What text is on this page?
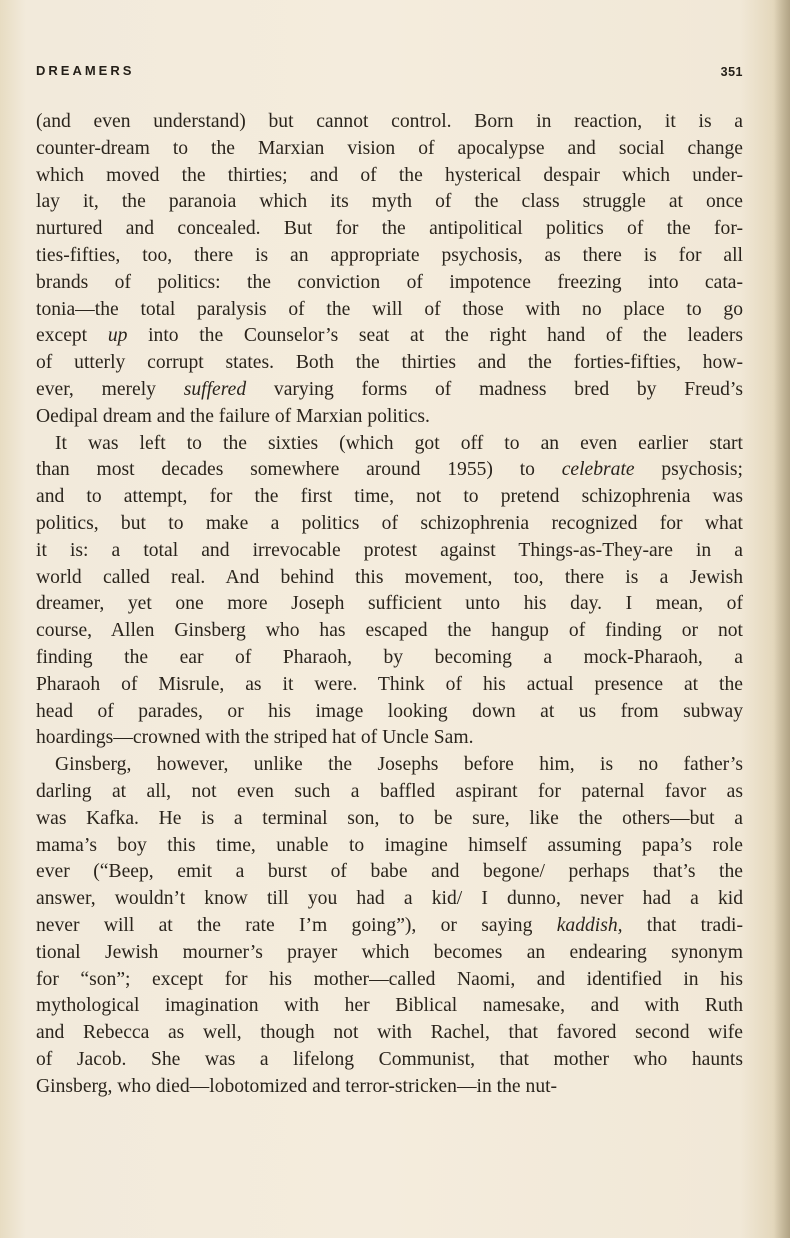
DREAMERS	351
(and even understand) but cannot control. Born in reaction, it is a
counter-dream to the Marxian vision of apocalypse and social change
which moved the thirties; and of the hysterical despair which under-
lay it, the paranoia which its myth of the class struggle at once
nurtured and concealed. But for the antipolitical politics of the for-
ties-fifties, too, there is an appropriate psychosis, as there is for all
brands of politics: the conviction of impotence freezing into cata-
tonia—the total paralysis of the will of those with no place to go
except up into the Counselor’s seat at the right hand of the leaders
of utterly corrupt states. Both the thirties and the forties-fifties, how-
ever, merely suffered varying forms of madness bred by Freud’s
Oedipal dream and the failure of Marxian politics.
It was left to the sixties (which got off to an even earlier start
than most decades somewhere around 1955) to celebrate psychosis;
and to attempt, for the first time, not to pretend schizophrenia was
politics, but to make a politics of schizophrenia recognized for what
it is: a total and irrevocable protest against Things-as-They-are in a
world called real. And behind this movement, too, there is a Jewish
dreamer, yet one more Joseph sufficient unto his day. I mean, of
course, Allen Ginsberg who has escaped the hangup of finding or not
finding the ear of Pharaoh, by becoming a mock-Pharaoh, a
Pharaoh of Misrule, as it were. Think of his actual presence at the
head of parades, or his image looking down at us from subway
hoardings—crowned with the striped hat of Uncle Sam.
Ginsberg, however, unlike the Josephs before him, is no father’s
darling at all, not even such a baffled aspirant for paternal favor as
was Kafka. He is a terminal son, to be sure, like the others—but a
mama’s boy this time, unable to imagine himself assuming papa’s role
ever (“Beep, emit a burst of babe and begone/ perhaps that’s the
answer, wouldn’t know till you had a kid/ I dunno, never had a kid
never will at the rate I’m going”), or saying kaddish, that tradi-
tional Jewish mourner’s prayer which becomes an endearing synonym
for “son”; except for his mother—called Naomi, and identified in his
mythological imagination with her Biblical namesake, and with Ruth
and Rebecca as well, though not with Rachel, that favored second wife
of Jacob. She was a lifelong Communist, that mother who haunts
Ginsberg, who died—lobotomized and terror-stricken—in the nut-
